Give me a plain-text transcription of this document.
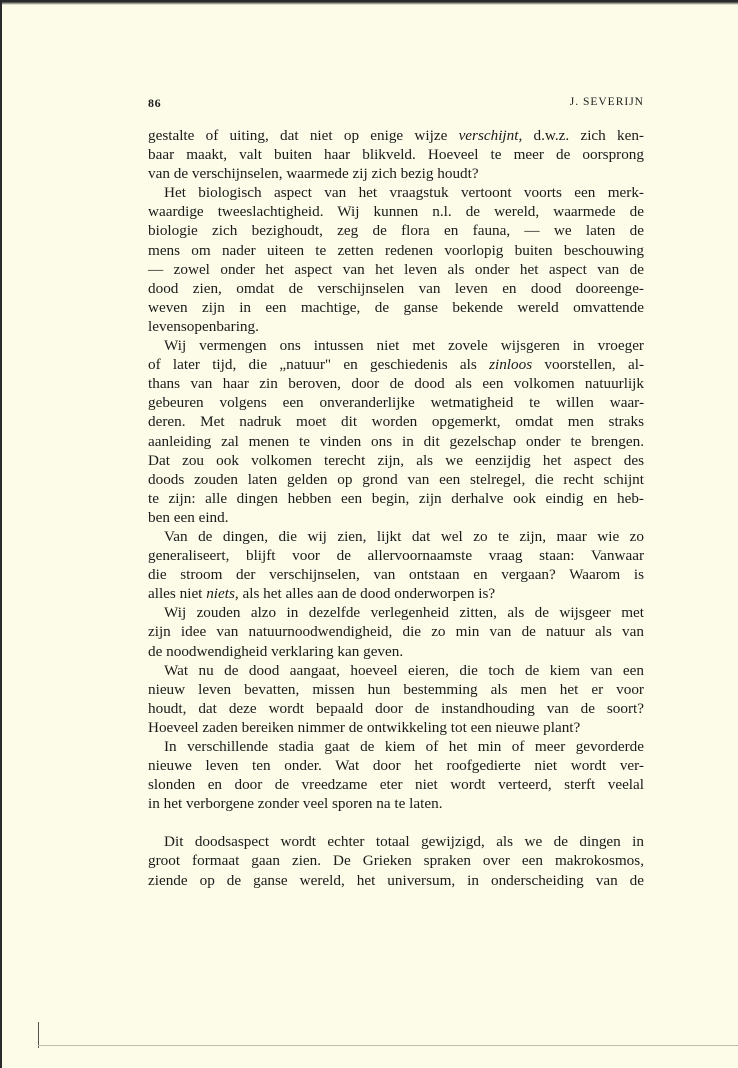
86	J. SEVERIJN
gestalte of uiting, dat niet op enige wijze verschijnt, d.w.z. zich ken-
baar maakt, valt buiten haar blikveld. Hoeveel te meer de oorsprong
van de verschijnselen, waarmede zij zich bezig houdt?
Het biologisch aspect van het vraagstuk vertoont voorts een merk-
waardige tweeslachtigheid. Wij kunnen n.l. de wereld, waarmede de
biologie zich bezighoudt, zeg de flora en fauna, — we laten de
mens om nader uiteen te zetten redenen voorlopig buiten beschouwing
— zowel onder het aspect van het leven als onder het aspect van de
dood zien, omdat de verschijnselen van leven en dood dooreenge-
weven zijn in een machtige, de ganse bekende wereld omvattende
levensopenbaring.
Wij vermengen ons intussen niet met zovele wijsgeren in vroeger
of later tijd, die „natuur" en geschiedenis als zinloos voorstellen, al-
thans van haar zin beroven, door de dood als een volkomen natuurlijk
gebeuren volgens een onveranderlijke wetmatigheid te willen waar-
deren. Met nadruk moet dit worden opgemerkt, omdat men straks
aanleiding zal menen te vinden ons in dit gezelschap onder te brengen.
Dat zou ook volkomen terecht zijn, als we eenzijdig het aspect des
doods zouden laten gelden op grond van een stelregel, die recht schijnt
te zijn: alle dingen hebben een begin, zijn derhalve ook eindig en heb-
ben een eind.
Van de dingen, die wij zien, lijkt dat wel zo te zijn, maar wie zo
generaliseert, blijft voor de allervoornaamste vraag staan: Vanwaar
die stroom der verschijnselen, van ontstaan en vergaan? Waarom is
alles niet niets, als het alles aan de dood onderworpen is?
Wij zouden alzo in dezelfde verlegenheid zitten, als de wijsgeer met
zijn idee van natuurnoodwendigheid, die zo min van de natuur als van
de noodwendigheid verklaring kan geven.
Wat nu de dood aangaat, hoeveel eieren, die toch de kiem van een
nieuw leven bevatten, missen hun bestemming als men het er voor
houdt, dat deze wordt bepaald door de instandhouding van de soort?
Hoeveel zaden bereiken nimmer de ontwikkeling tot een nieuwe plant?
In verschillende stadia gaat de kiem of het min of meer gevorderde
nieuwe leven ten onder. Wat door het roofgedierte niet wordt ver-
slonden en door de vreedzame eter niet wordt verteerd, sterft veelal
in het verborgene zonder veel sporen na te laten.
Dit doodsaspect wordt echter totaal gewijzigd, als we de dingen in
groot formaat gaan zien. De Grieken spraken over een makrokosmos,
ziende op de ganse wereld, het universum, in onderscheiding van de
